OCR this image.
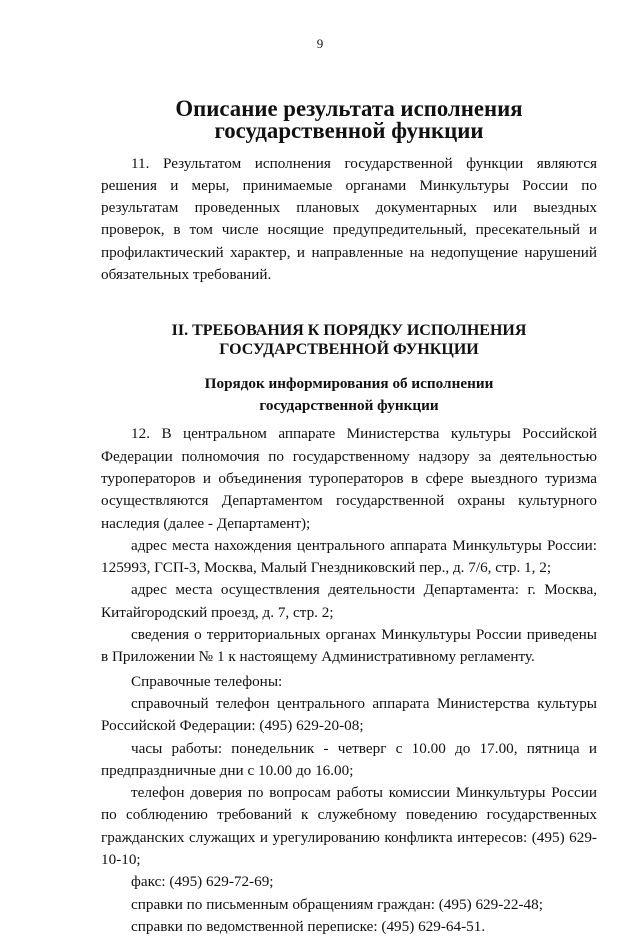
9
Описание результата исполнения государственной функции

11. Результатом исполнения государственной функции являются решения и меры, принимаемые органами Минкультуры России по результатам проведенных плановых документарных или выездных проверок, в том числе носящие предупредительный, пресекательный и профилактический характер, и направленные на недопущение нарушений обязательных требований.

II. ТРЕБОВАНИЯ К ПОРЯДКУ ИСПОЛНЕНИЯ
ГОСУДАРСТВЕННОЙ ФУНКЦИИ
Порядок информирования об исполнении
государственной функции

12. В центральном аппарате Министерства культуры Российской Федерации полномочия по государственному надзору за деятельностью туроператоров и объединения туроператоров в сфере выездного туризма осуществляются Департаментом государственной охраны культурного наследия (далее - Департамент);

адрес места нахождения центрального аппарата Минкультуры России: 125993, ГСП-3, Москва, Малый Гнездниковский пер., д. 7/6, стр. 1, 2;

адрес места осуществления деятельности Департамента: г. Москва, Китайгородский проезд, д. 7, стр. 2;

сведения о территориальных органах Минкультуры России приведены в Приложении № 1 к настоящему Административному регламенту.

Справочные телефоны:

справочный телефон центрального аппарата Министерства культуры Российской Федерации: (495) 629-20-08;

часы работы: понедельник - четверг с 10.00 до 17.00, пятница и предпраздничные дни с 10.00 до 16.00;

телефон доверия по вопросам работы комиссии Минкультуры России по соблюдению требований к служебному поведению государственных гражданских служащих и урегулированию конфликта интересов: (495) 629-10-10;

факс: (495) 629-72-69;

справки по письменным обращениям граждан: (495) 629-22-48;

справки по ведомственной переписке: (495) 629-64-51.
